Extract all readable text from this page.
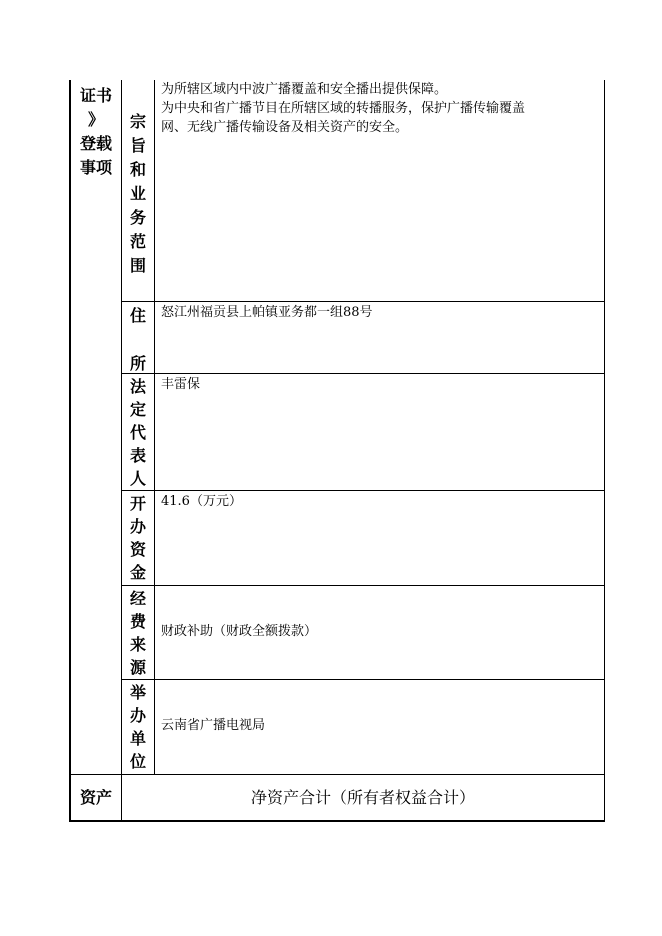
证书
》
登载
事项
宗
旨
和
业
务
范
围
为所辖区域内中波广播覆盖和安全播出提供保障。
为中央和省广播节目在所辖区域的转播服务，保护广播传输覆盖
网、无线广播传输设备及相关资产的安全。
住
所
怒江州福贡县上帕镇亚务都一组88号
法
定
代
表
人
丰雷保
开
办
资
金
41.6（万元）
经
费
来
源
财政补助（财政全额拨款）
举
办
单
位
云南省广播电视局
资产	净资产合计（所有者权益合计）
